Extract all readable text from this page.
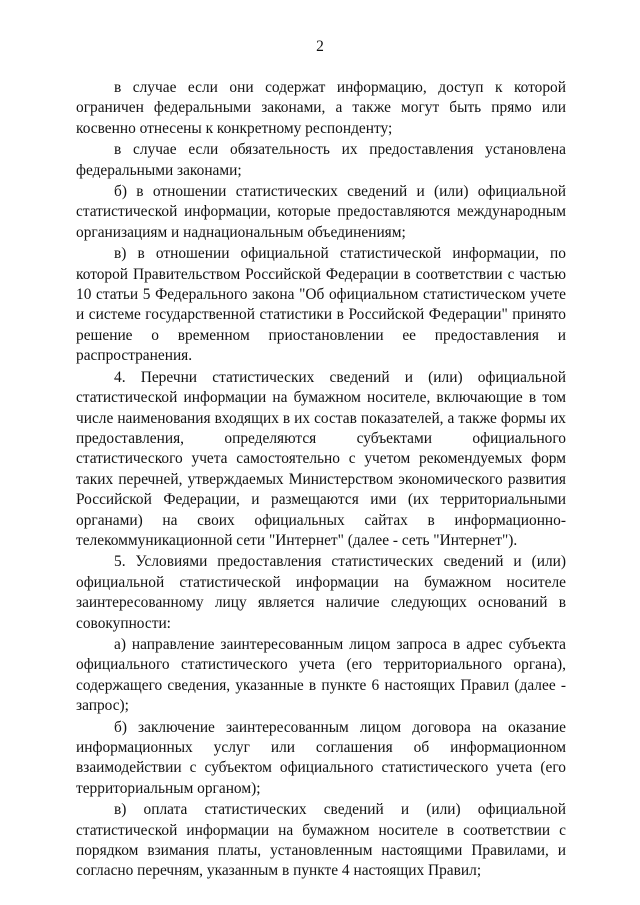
2

в случае если они содержат информацию, доступ к которой ограничен федеральными законами, а также могут быть прямо или косвенно отнесены к конкретному респонденту;

в случае если обязательность их предоставления установлена федеральными законами;

б) в отношении статистических сведений и (или) официальной статистической информации, которые предоставляются международным организациям и наднациональным объединениям;

в) в отношении официальной статистической информации, по которой Правительством Российской Федерации в соответствии с частью 10 статьи 5 Федерального закона "Об официальном статистическом учете и системе государственной статистики в Российской Федерации" принято решение о временном приостановлении ее предоставления и распространения.

4. Перечни статистических сведений и (или) официальной статистической информации на бумажном носителе, включающие в том числе наименования входящих в их состав показателей, а также формы их предоставления, определяются субъектами официального статистического учета самостоятельно с учетом рекомендуемых форм таких перечней, утверждаемых Министерством экономического развития Российской Федерации, и размещаются ими (их территориальными органами) на своих официальных сайтах в информационно-телекоммуникационной сети "Интернет" (далее - сеть "Интернет").

5. Условиями предоставления статистических сведений и (или) официальной статистической информации на бумажном носителе заинтересованному лицу является наличие следующих оснований в совокупности:

а) направление заинтересованным лицом запроса в адрес субъекта официального статистического учета (его территориального органа), содержащего сведения, указанные в пункте 6 настоящих Правил (далее - запрос);

б) заключение заинтересованным лицом договора на оказание информационных услуг или соглашения об информационном взаимодействии с субъектом официального статистического учета (его территориальным органом);

в) оплата статистических сведений и (или) официальной статистической информации на бумажном носителе в соответствии с порядком взимания платы, установленным настоящими Правилами, и согласно перечням, указанным в пункте 4 настоящих Правил;
